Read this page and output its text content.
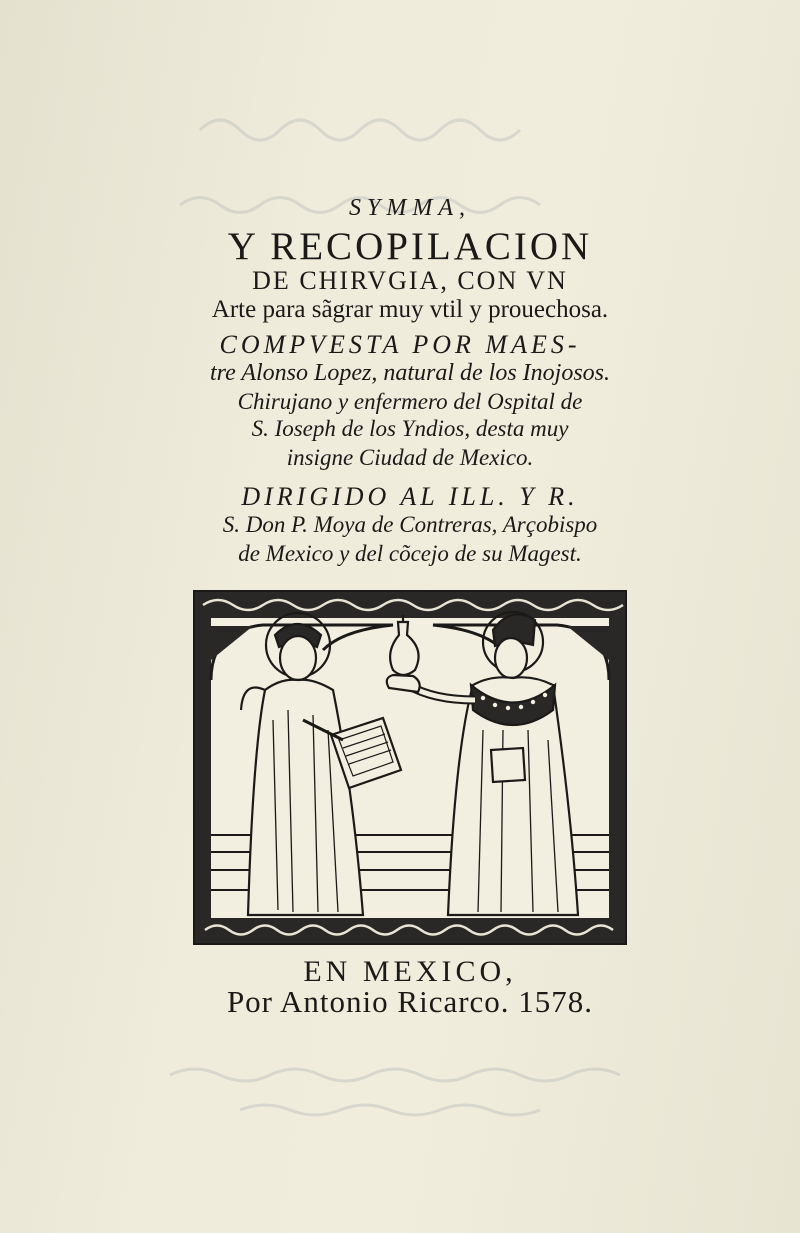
SYMMA,
Y RECOPILACION
DE CHIRVGIA, CON VN
Arte para sãgrar muy vtil y prouechosa.
COMPVESTA POR MAES-
tre Alonso Lopez, natural de los Inojosos.
Chirujano y enfermero del Ospital de
S. Ioseph de los Yndios, desta muy
insigne Ciudad de Mexico.
DIRIGIDO AL ILL. Y R.
S. Don P. Moya de Contreras, Arçobispo
de Mexico y del cõcejo de su Magest.
EN MEXICO,
Por Antonio Ricarco. 1578.
